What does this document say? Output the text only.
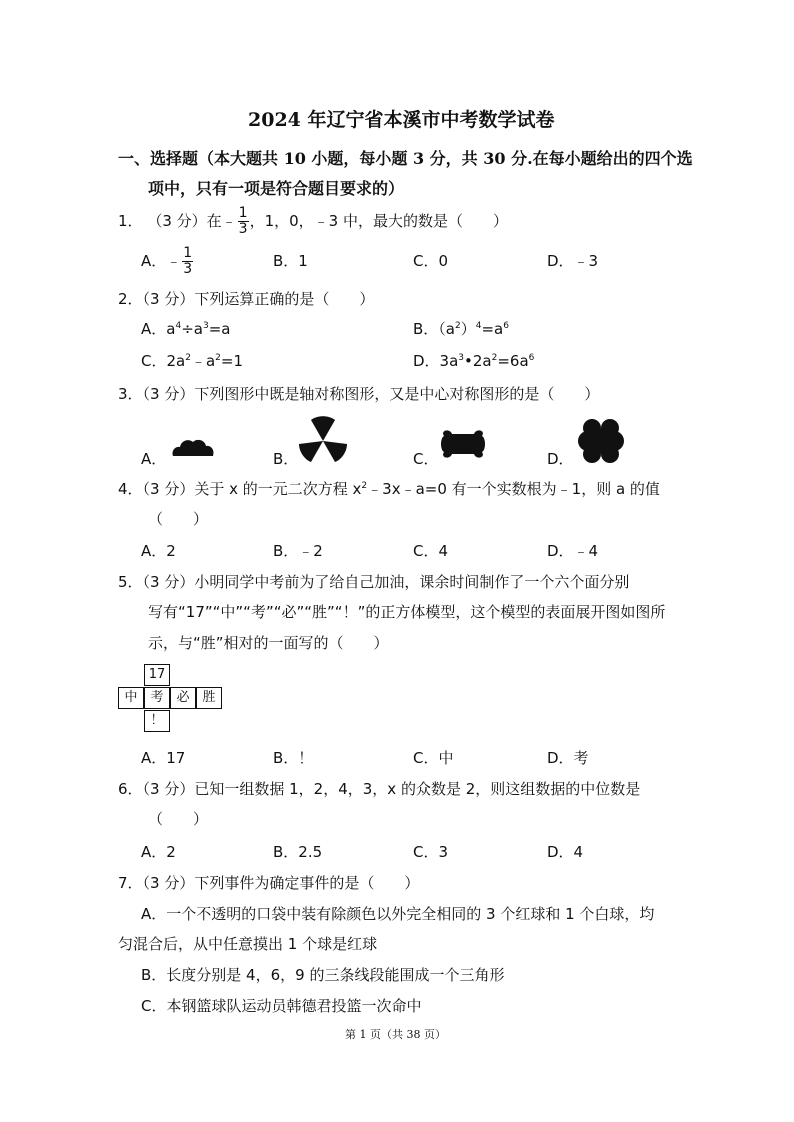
2024 年辽宁省本溪市中考数学试卷
一、选择题（本大题共 10 小题，每小题 3 分，共 30 分.在每小题给出的四个选
项中，只有一项是符合题目要求的）
1． （3 分）在﹣ $\frac{1}{3}$ ，1，0，﹣3 中，最大的数是（　　）
A．﹣ $\frac{1}{3}$	B．1	C．0	D．﹣3
2．（3 分）下列运算正确的是（　　）
A．$a^4\div a^3=a$	B．$(a^2)^4=a^6$
C．$2a^2﹣a^2=1$	D．$3a^3•2a^2=6a^6$
3．（3 分）下列图形中既是轴对称图形，又是中心对称图形的是（　　）
A．	B．	C．	D．
4．（3 分）关于 x 的一元二次方程 $x^2﹣3x﹣a=0$ 有一个实数根为﹣1，则 a 的值
（　　）
A．2	B．﹣2	C．4	D．﹣4
5．（3 分）小明同学中考前为了给自己加油，课余时间制作了一个六个面分别
写有“17”“中”“考”“必”“胜”“！”的正方体模型，这个模型的表面展开图如图所
示，与“胜”相对的一面写的（　　）
17
中 考 必 胜
！
A．17	B．！	C．中	D．考
6．（3 分）已知一组数据 1，2，4，3，x 的众数是 2，则这组数据的中位数是
（　　）
A．2	B．2.5	C．3	D．4
7．（3 分）下列事件为确定事件的是（　　）
A．一个不透明的口袋中装有除颜色以外完全相同的 3 个红球和 1 个白球，均
匀混合后，从中任意摸出 1 个球是红球
B．长度分别是 4，6，9 的三条线段能围成一个三角形
C．本钢篮球队运动员韩德君投篮一次命中
第 1 页（共 38 页）
